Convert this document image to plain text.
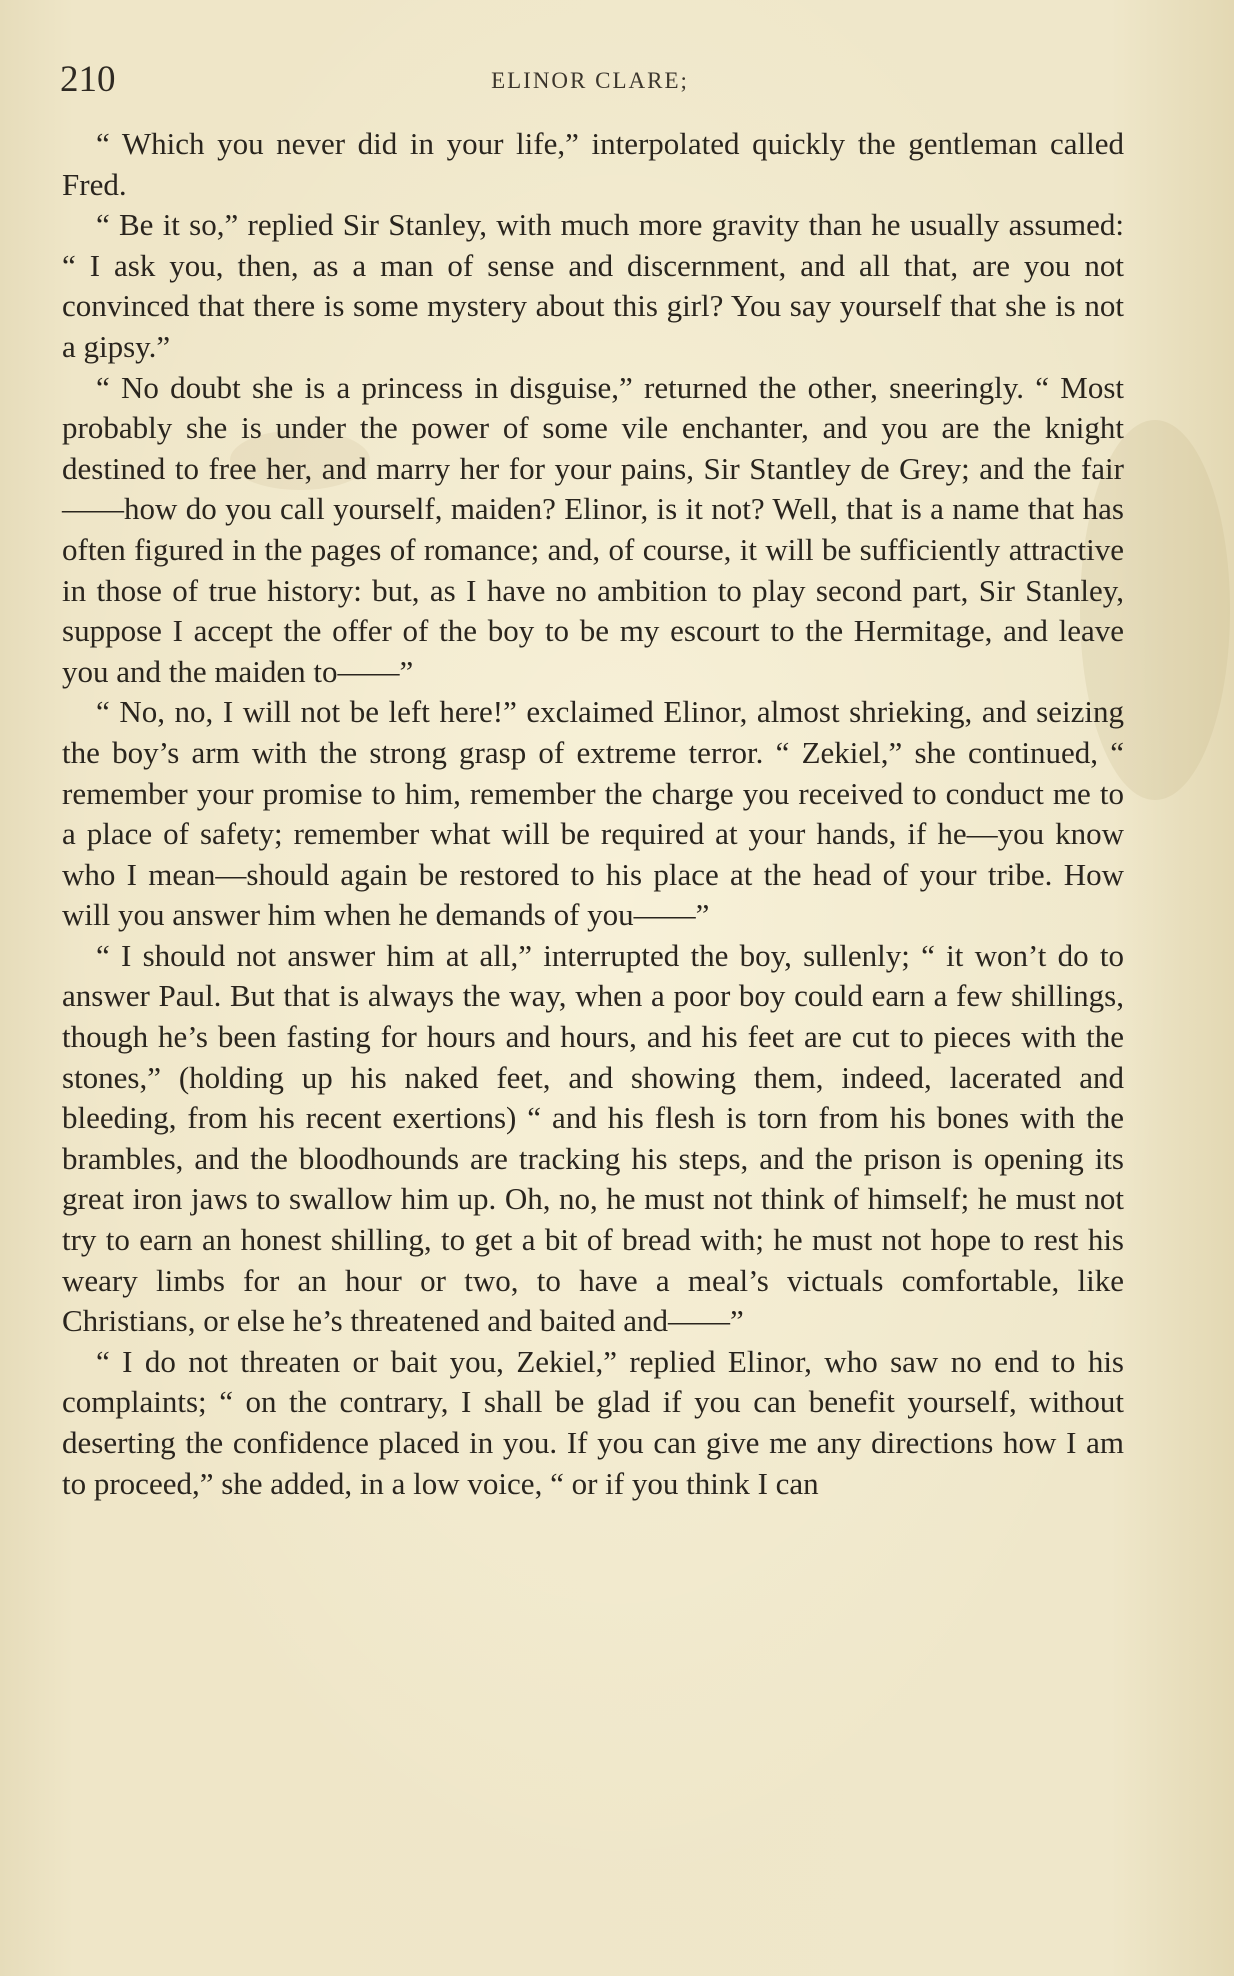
210	ELINOR CLARE;

“ Which you never did in your life,” interpolated quickly the gentleman called Fred.

“ Be it so,” replied Sir Stanley, with much more gravity than he usually assumed: “ I ask you, then, as a man of sense and discernment, and all that, are you not convinced that there is some mystery about this girl? You say yourself that she is not a gipsy.”

“ No doubt she is a princess in disguise,” returned the other, sneeringly. “ Most probably she is under the power of some vile enchanter, and you are the knight destined to free her, and marry her for your pains, Sir Stantley de Grey; and the fair——how do you call yourself, maiden? Elinor, is it not? Well, that is a name that has often figured in the pages of romance; and, of course, it will be sufficiently attractive in those of true history: but, as I have no ambition to play second part, Sir Stanley, suppose I accept the offer of the boy to be my escourt to the Hermitage, and leave you and the maiden to——”

“ No, no, I will not be left here!” exclaimed Elinor, almost shrieking, and seizing the boy’s arm with the strong grasp of extreme terror. “ Zekiel,” she continued, “ remember your promise to him, remember the charge you received to conduct me to a place of safety; remember what will be required at your hands, if he—you know who I mean—should again be restored to his place at the head of your tribe. How will you answer him when he demands of you——”

“ I should not answer him at all,” interrupted the boy, sullenly; “ it won’t do to answer Paul. But that is always the way, when a poor boy could earn a few shillings, though he’s been fasting for hours and hours, and his feet are cut to pieces with the stones,” (holding up his naked feet, and showing them, indeed, lacerated and bleeding, from his recent exertions) “ and his flesh is torn from his bones with the brambles, and the bloodhounds are tracking his steps, and the prison is opening its great iron jaws to swallow him up. Oh, no, he must not think of himself; he must not try to earn an honest shilling, to get a bit of bread with; he must not hope to rest his weary limbs for an hour or two, to have a meal’s victuals comfortable, like Christians, or else he’s threatened and baited and——”

“ I do not threaten or bait you, Zekiel,” replied Elinor, who saw no end to his complaints; “ on the contrary, I shall be glad if you can benefit yourself, without deserting the confidence placed in you. If you can give me any directions how I am to proceed,” she added, in a low voice, “ or if you think I can
